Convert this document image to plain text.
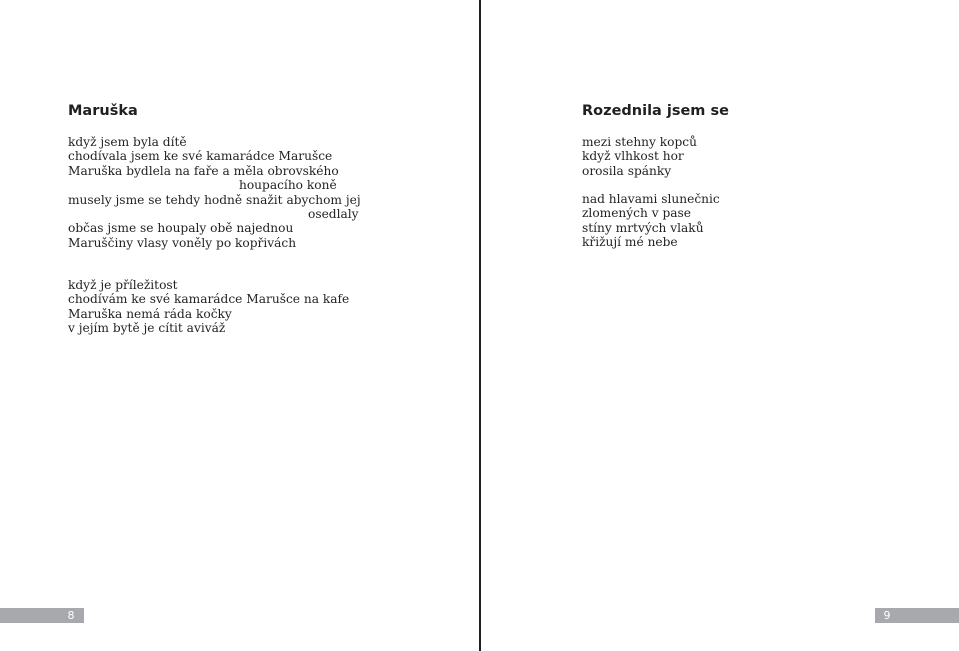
Maruška
když jsem byla dítě
chodívala jsem ke své kamarádce Marušce
Maruška bydlela na faře a měla obrovského
houpacího koně
musely jsme se tehdy hodně snažit abychom jej
osedlaly
občas jsme se houpaly obě najednou
Maruščiny vlasy voněly po kopřivách
když je příležitost
chodívám ke své kamarádce Marušce na kafe
Maruška nemá ráda kočky
v jejím bytě je cítit aviváž
8
Rozednila jsem se
mezi stehny kopců
když vlhkost hor
orosila spánky
nad hlavami slunečnic
zlomených v pase
stíny mrtvých vlaků
křižují mé nebe
9
